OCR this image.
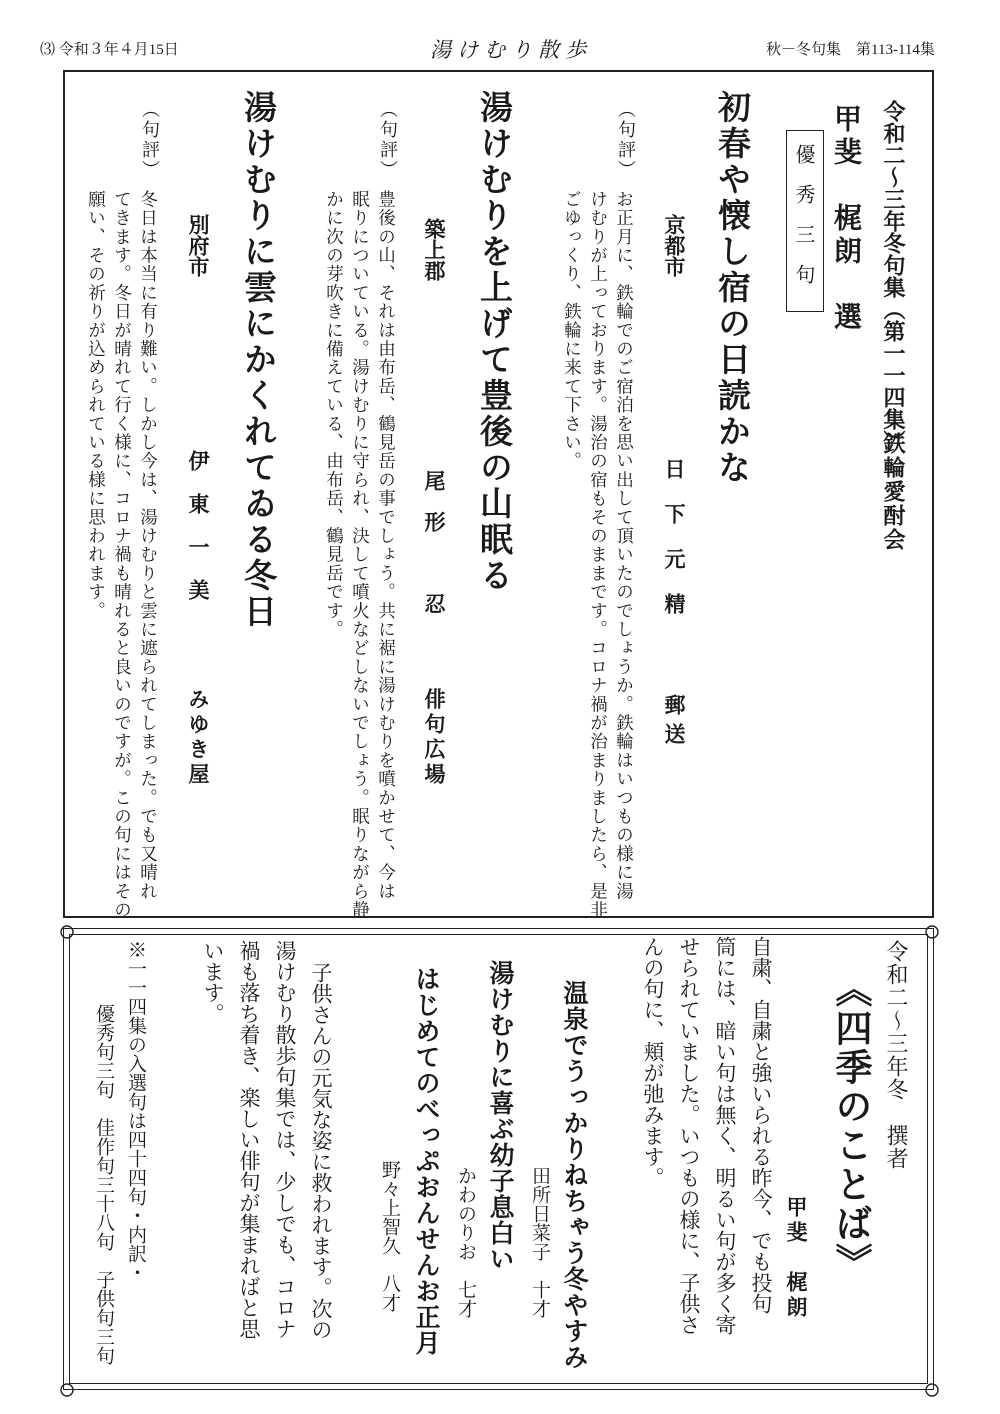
⑶ 令和３年４月15日	湯けむり散歩	秋－冬句集　第113-114集
令和二～三年冬句集（第一一四集）
鉄輪愛酎会
甲斐　梶朗　選
優秀三句
初春や懐し宿の日読かな
京都市
日下元精
郵送
（句評）
お正月に、鉄輪でのご宿泊を思い出して頂いたのでしょうか。鉄輪はいつもの様に湯
けむりが上っております。湯治の宿もそのままです。コロナ禍が治まりましたら、是非
ごゆっくり、鉄輪に来て下さい。
湯けむりを上げて豊後の山眠る
築上郡
尾形　忍
俳句広場
（句評）
豊後の山、それは由布岳、鶴見岳の事でしょう。共に裾に湯けむりを噴かせて、今は
眠りについている。湯けむりに守られ、決して噴火などしないでしょう。眠りながら静
かに次の芽吹きに備えている、由布岳、鶴見岳です。
湯けむりに雲にかくれてゐる冬日
別府市
伊東一美
みゆき屋
（句評）
冬日は本当に有り難い。しかし今は、湯けむりと雲に遮られてしまった。でも又晴れ
てきます。冬日が晴れて行く様に、コロナ禍も晴れると良いのですが。この句にはその
願い、その祈りが込められている様に思われます。
令和二～三年冬　撰者
《四季のことば》
甲斐　梶朗
自粛、自粛と強いられる昨今、でも投句
筒には、暗い句は無く、明るい句が多く寄
せられていました。いつもの様に、子供さ
んの句に、頬が弛みます。
温泉でうっかりねちゃう冬やすみ
田所日菜子　十才
湯けむりに喜ぶ幼子息白い
かわのりお　七才
はじめてのべっぷおんせんお正月
野々上智久　八才
子供さんの元気な姿に救われます。次の
湯けむり散歩句集では、少しでも、コロナ
禍も落ち着き、楽しい俳句が集まればと思
います。
※一一四集の入選句は四十四句・内訳・
優秀句三句　佳作句三十八句　子供句三句
